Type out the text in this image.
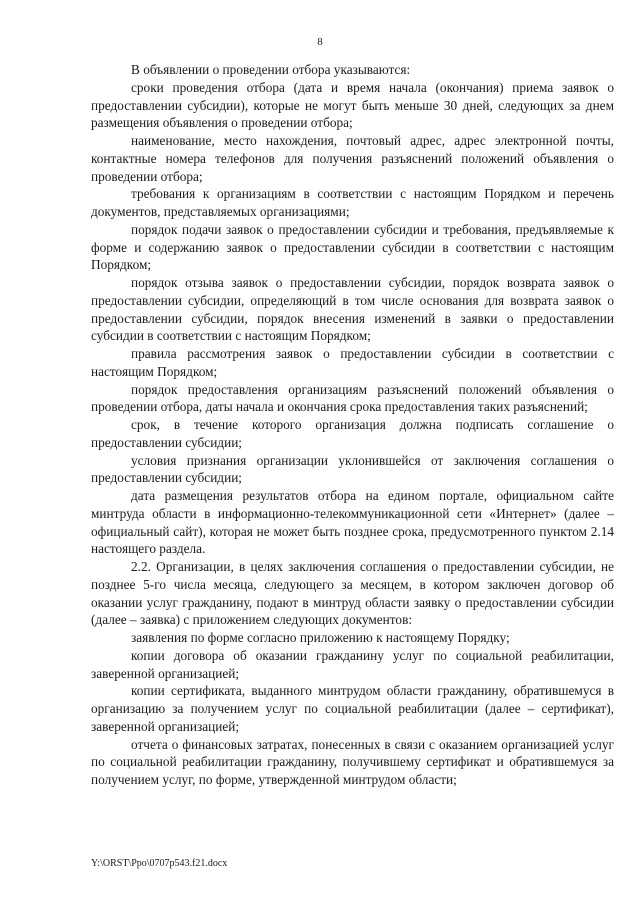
8

В объявлении о проведении отбора указываются:

сроки проведения отбора (дата и время начала (окончания) приема заявок о предоставлении субсидии), которые не могут быть меньше 30 дней, следующих за днем размещения объявления о проведении отбора;

наименование, место нахождения, почтовый адрес, адрес электронной почты, контактные номера телефонов для получения разъяснений положений объявления о проведении отбора;

требования к организациям в соответствии с настоящим Порядком и перечень документов, представляемых организациями;

порядок подачи заявок о предоставлении субсидии и требования, предъявляемые к форме и содержанию заявок о предоставлении субсидии в соответствии с настоящим Порядком;

порядок отзыва заявок о предоставлении субсидии, порядок возврата заявок о предоставлении субсидии, определяющий в том числе основания для возврата заявок о предоставлении субсидии, порядок внесения изменений в заявки о предоставлении субсидии в соответствии с настоящим Порядком;

правила рассмотрения заявок о предоставлении субсидии в соответствии с настоящим Порядком;

порядок предоставления организациям разъяснений положений объявления о проведении отбора, даты начала и окончания срока предоставления таких разъяснений;

срок, в течение которого организация должна подписать соглашение о предоставлении субсидии;

условия признания организации уклонившейся от заключения соглашения о предоставлении субсидии;

дата размещения результатов отбора на едином портале, официальном сайте минтруда области в информационно-телекоммуникационной сети «Интернет» (далее – официальный сайт), которая не может быть позднее срока, предусмотренного пунктом 2.14 настоящего раздела.

2.2. Организации, в целях заключения соглашения о предоставлении субсидии, не позднее 5-го числа месяца, следующего за месяцем, в котором заключен договор об оказании услуг гражданину, подают в минтруд области заявку о предоставлении субсидии (далее – заявка) с приложением следующих документов:

заявления по форме согласно приложению к настоящему Порядку;

копии договора об оказании гражданину услуг по социальной реабилитации, заверенной организацией;

копии сертификата, выданного минтрудом области гражданину, обратившемуся в организацию за получением услуг по социальной реабилитации (далее – сертификат), заверенной организацией;

отчета о финансовых затратах, понесенных в связи с оказанием организацией услуг по социальной реабилитации гражданину, получившему сертификат и обратившемуся за получением услуг, по форме, утвержденной минтрудом области;

Y:\ORST\Ppo\0707p543.f21.docx
